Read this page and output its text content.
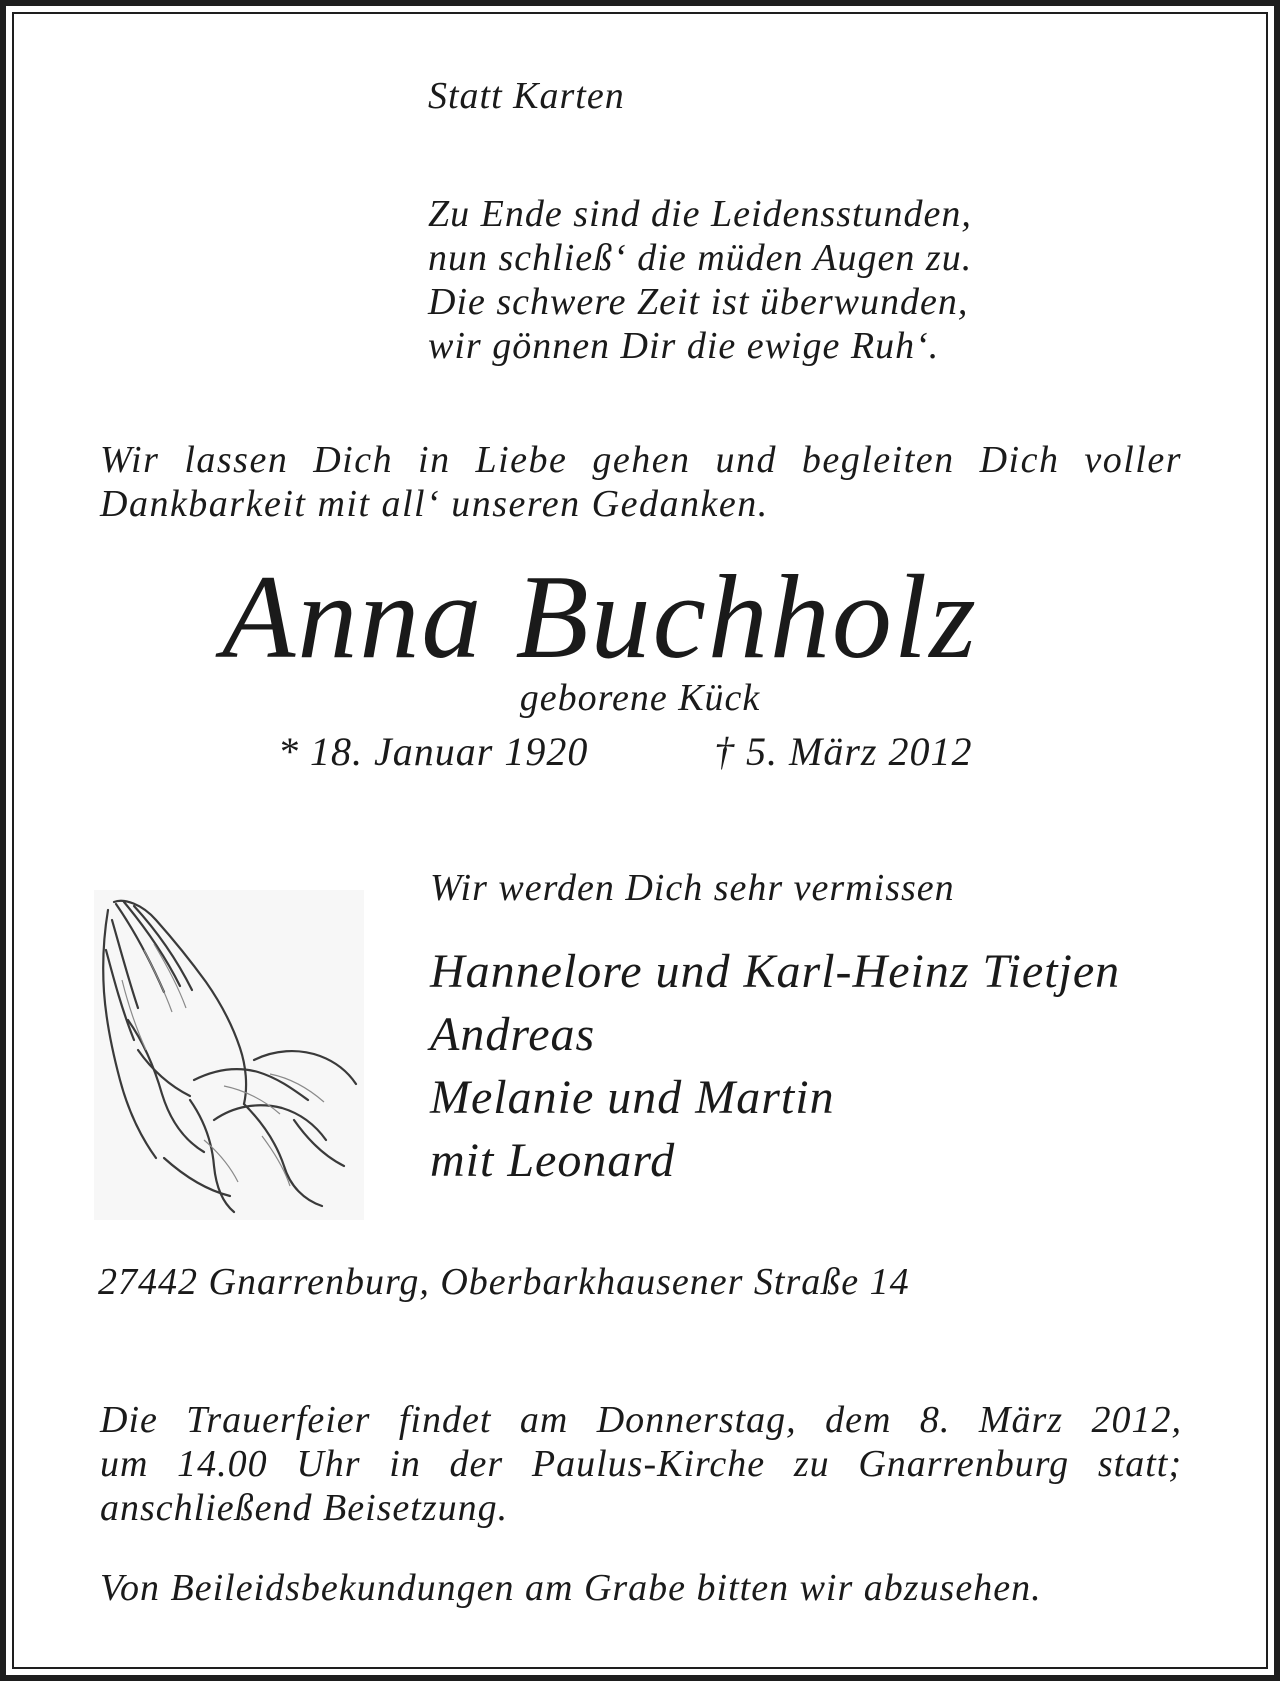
Statt Karten

Zu Ende sind die Leidensstunden,
nun schließ‘ die müden Augen zu.
Die schwere Zeit ist überwunden,
wir gönnen Dir die ewige Ruh‘.
Wir lassen Dich in Liebe gehen und begleiten Dich voller
Dankbarkeit mit all‘ unseren Gedanken.

Anna Buchholz

geborene Kück

* 18. Januar 1920	† 5. März 2012

Wir werden Dich sehr vermissen

Hannelore und Karl-Heinz Tietjen
Andreas
Melanie und Martin
mit Leonard

27442 Gnarrenburg, Oberbarkhausener Straße 14

Die Trauerfeier findet am Donnerstag, dem 8. März 2012,
um 14.00 Uhr in der Paulus-Kirche zu Gnarrenburg statt;
anschließend Beisetzung.

Von Beileidsbekundungen am Grabe bitten wir abzusehen.
